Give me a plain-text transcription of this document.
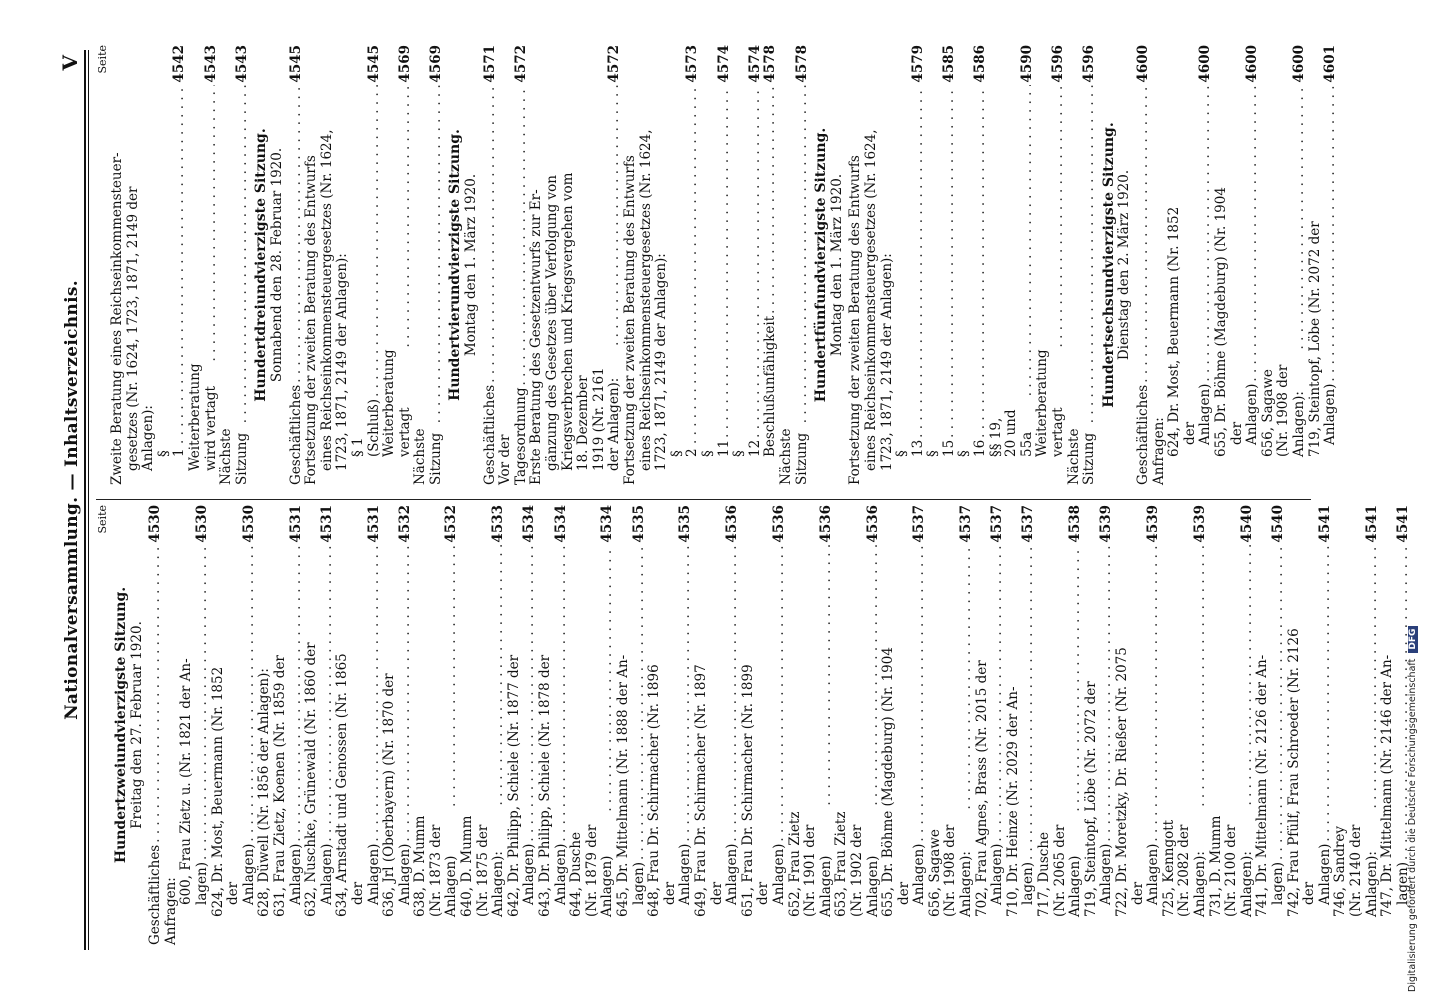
Nationalversammlung. — Inhaltsverzeichnis.
V
Seite
Hundertzweiundvierzigste Sitzung. Freitag den 27. Februar 1920.
Geschäftliches
. . .
4530
Anfragen:
600, Frau Zietz u. (Nr. 1821 der An- lagen)
. . .
4530
624, Dr. Most, Beuermann (Nr. 1852 der Anlagen)
. . .
4530
628, Düwell (Nr. 1856 der Anlagen): 631, Frau Zietz, Koenen (Nr. 1859 der Anlagen)
. . .
4531
632, Nuschke, Grünewald (Nr. 1860 der Anlagen)
. . .
4531
634, Arnstadt und Genossen (Nr. 1865 der Anlagen)
. . .
4531
636, Jrl (Oberbayern) (Nr. 1870 der Anlagen)
. . .
4532
638, D. Mumm (Nr. 1873 der Anlagen)
. . .
4532
640, D. Mumm (Nr. 1875 der Anlagen):
. . .
4533
642, Dr. Philipp, Schiele (Nr. 1877 der Anlagen)
. . .
4534
643, Dr. Philipp, Schiele (Nr. 1878 der Anlagen)
. . .
4534
644, Dusche (Nr. 1879 der Anlagen)
. . .
4534
645, Dr. Mittelmann (Nr. 1888 der An- lagen)
. . .
4535
648, Frau Dr. Schirmacher (Nr. 1896 der Anlagen)
. . .
4535
649, Frau Dr. Schirmacher (Nr. 1897 der Anlagen)
. . .
4536
651, Frau Dr. Schirmacher (Nr. 1899 der Anlagen)
. . .
4536
652, Frau Zietz (Nr. 1901 der Anlagen)
. . .
4536
653, Frau Zietz (Nr. 1902 der Anlagen)
. . .
4536
655, Dr. Böhme (Magdeburg) (Nr. 1904 der Anlagen)
. . .
4537
656, Sagawe (Nr. 1908 der Anlagen):
. . .
4537
702, Frau Agnes, Brass (Nr. 2015 der Anlagen)
. . .
4537
710, Dr. Heinze (Nr. 2029 der An- lagen)
. . .
4537
717, Dusche (Nr. 2065 der Anlagen)
. . .
4538
719, Steintopf, Löbe (Nr. 2072 der Anlagen)
. . .
4539
722, Dr. Moretzky, Dr. Rießer (Nr. 2075 der Anlagen)
. . .
4539
725, Kenngott (Nr. 2082 der Anlagen):
. . .
4539
731, D. Mumm (Nr. 2100 der Anlagen):
. . .
4540
741, Dr. Mittelmann (Nr. 2126 der An- lagen)
. . .
4540
742, Frau Pfülf, Frau Schroeder (Nr. 2126 der Anlagen)
. . .
4541
746, Sandrey (Nr. 2140 der Anlagen):
. . .
4541
747, Dr. Mittelmann (Nr. 2146 der An- lagen)
. . .
4541
Seite
Zweite Beratung eines Reichseinkommensteuer- gesetzes (Nr. 1624, 1723, 1871, 2149 der Anlagen): § 1
. . .
4542
Weiterberatung wird vertagt
. . .
4543
Nächste Sitzung
. . .
4543
Hundertdreiundvierzigste Sitzung. Sonnabend den 28. Februar 1920.
Geschäftliches
. . .
4545
Fortsetzung der zweiten Beratung des Entwurfs eines Reichseinkommensteuergesetzes (Nr. 1624, 1723, 1871, 2149 der Anlagen): § 1 (Schluß)
. . .
4545
Weiterberatung vertagt
. . .
4569
Nächste Sitzung
. . .
4569
Hundertvierundvierzigste Sitzung. Montag den 1. März 1920.
Geschäftliches
. . .
4571
Vor der Tagesordnung
. . .
4572
Erste Beratung des Gesetzentwurfs zur Er- gänzung des Gesetzes über Verfolgung von Kriegsverbrechen und Kriegsvergehen vom 18. Dezember 1919 (Nr. 2161 der Anlagen):
. . .
4572
Fortsetzung der zweiten Beratung des Entwurfs eines Reichseinkommensteuergesetzes (Nr. 1624, 1723, 1871, 2149 der Anlagen): § 2
. . .
4573
§ 11
. . .
4574
§ 12
. . .
4574
Beschlußunfähigkeit
. . .
4578
Nächste Sitzung
. . .
4578
Hundertfünfundvierzigste Sitzung. Montag den 1. März 1920. Fortsetzung der zweiten Beratung des Entwurfs eines Reichseinkommensteuergesetzes (Nr. 1624, 1723, 1871, 2149 der Anlagen): § 13
. . .
4579
§ 15
. . .
4585
§ 16
. . .
4586
§§ 19, 20 und 55a
. . .
4590
Weiterberatung vertagt
. . .
4596
Nächste Sitzung
. . .
4596
Hundertsechsundvierzigste Sitzung. Dienstag den 2. März 1920.
Geschäftliches
. . .
4600
Anfragen: 624, Dr. Most, Beuermann (Nr. 1852 der Anlagen)
. . .
4600
655, Dr. Böhme (Magdeburg) (Nr. 1904 der Anlagen)
. . .
4600
656, Sagawe (Nr. 1908 der Anlagen):
. . .
4600
719, Steintopf, Löbe (Nr. 2072 der Anlagen)
. . .
4601
Digitalisierung gefördert durch die Deutsche Forschungsgemeinschaft DFG
